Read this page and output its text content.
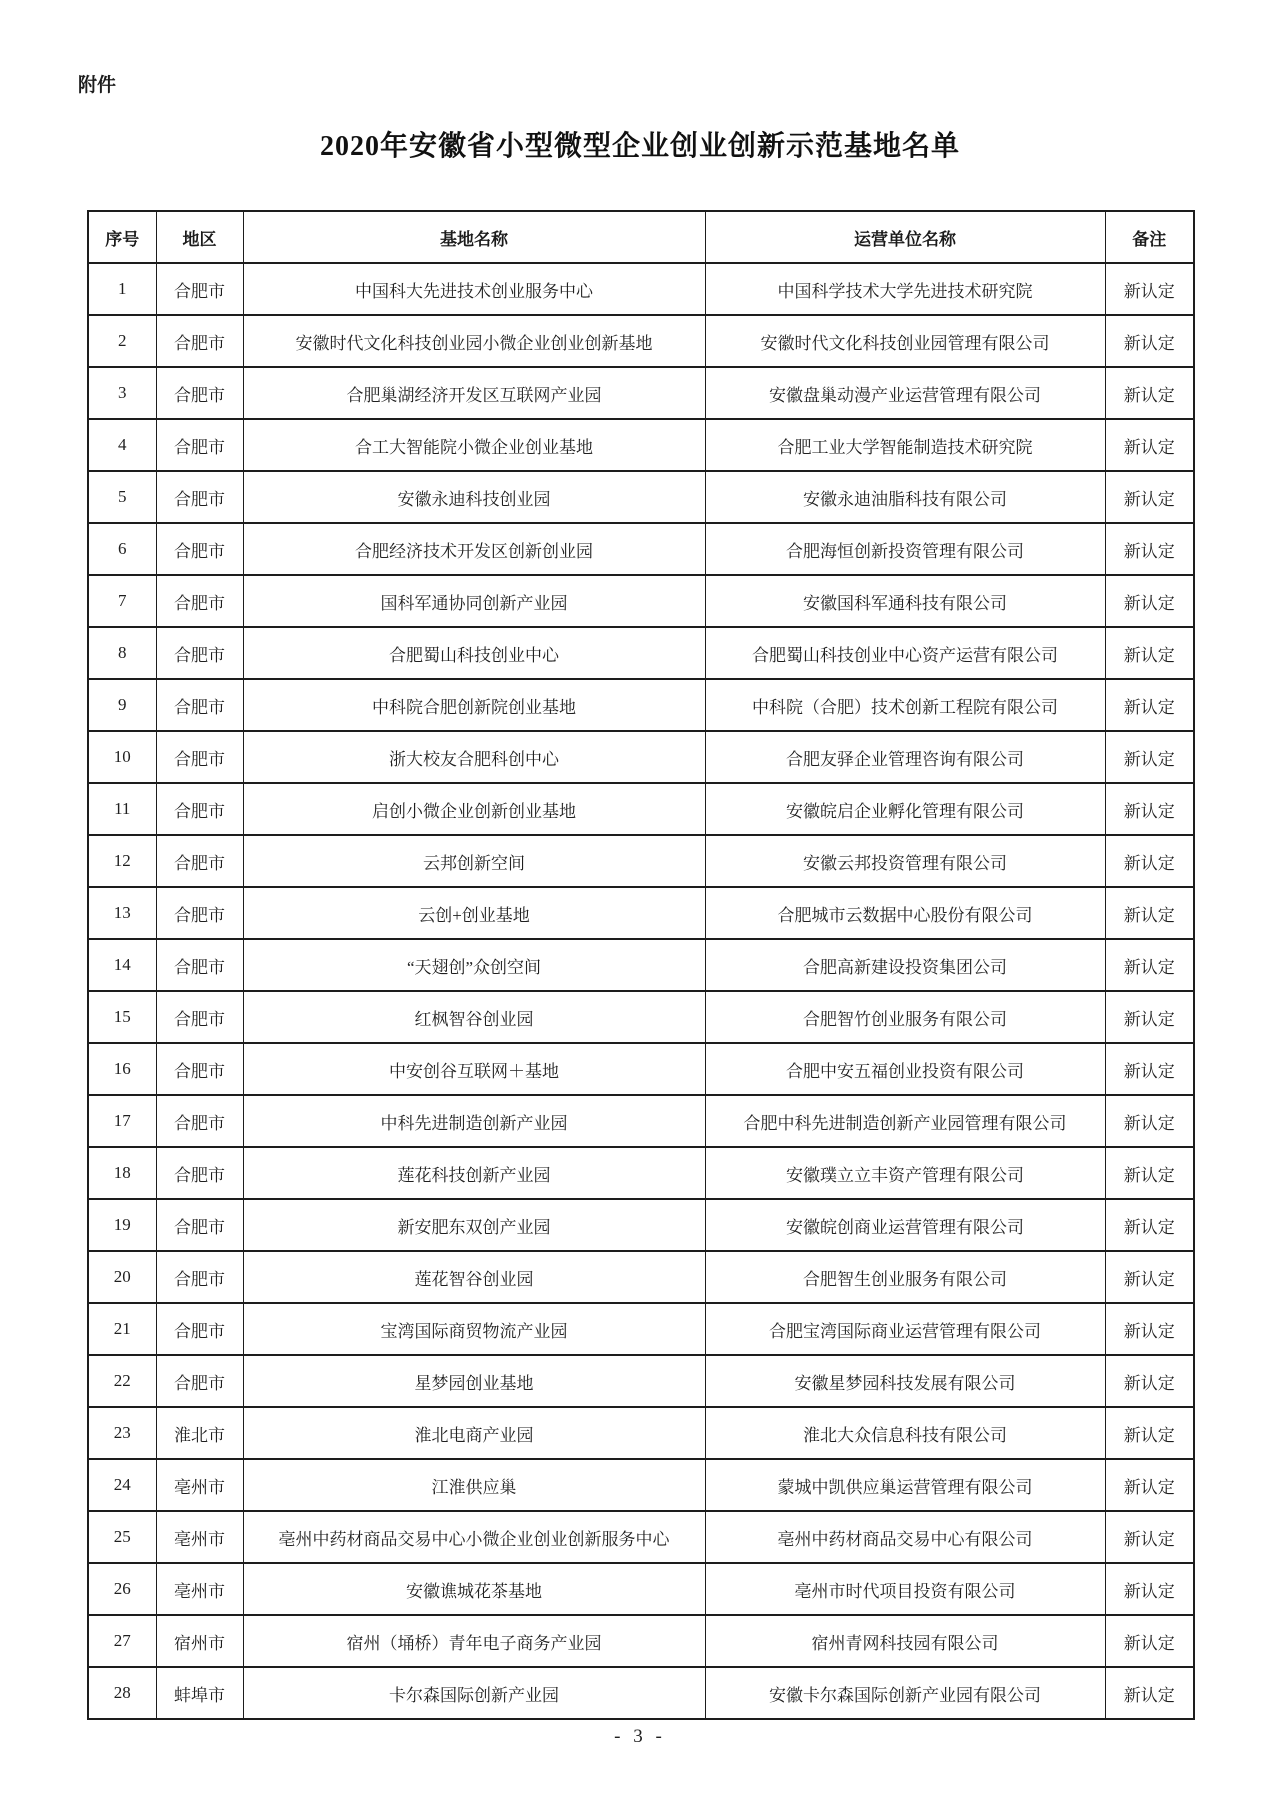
附件
2020年安徽省小型微型企业创业创新示范基地名单
序号	地区	基地名称	运营单位名称	备注
1	合肥市	中国科大先进技术创业服务中心	中国科学技术大学先进技术研究院	新认定
2	合肥市	安徽时代文化科技创业园小微企业创业创新基地	安徽时代文化科技创业园管理有限公司	新认定
3	合肥市	合肥巢湖经济开发区互联网产业园	安徽盘巢动漫产业运营管理有限公司	新认定
4	合肥市	合工大智能院小微企业创业基地	合肥工业大学智能制造技术研究院	新认定
5	合肥市	安徽永迪科技创业园	安徽永迪油脂科技有限公司	新认定
6	合肥市	合肥经济技术开发区创新创业园	合肥海恒创新投资管理有限公司	新认定
7	合肥市	国科军通协同创新产业园	安徽国科军通科技有限公司	新认定
8	合肥市	合肥蜀山科技创业中心	合肥蜀山科技创业中心资产运营有限公司	新认定
9	合肥市	中科院合肥创新院创业基地	中科院（合肥）技术创新工程院有限公司	新认定
10	合肥市	浙大校友合肥科创中心	合肥友驿企业管理咨询有限公司	新认定
11	合肥市	启创小微企业创新创业基地	安徽皖启企业孵化管理有限公司	新认定
12	合肥市	云邦创新空间	安徽云邦投资管理有限公司	新认定
13	合肥市	云创+创业基地	合肥城市云数据中心股份有限公司	新认定
14	合肥市	“天翅创”众创空间	合肥高新建设投资集团公司	新认定
15	合肥市	红枫智谷创业园	合肥智竹创业服务有限公司	新认定
16	合肥市	中安创谷互联网＋基地	合肥中安五福创业投资有限公司	新认定
17	合肥市	中科先进制造创新产业园	合肥中科先进制造创新产业园管理有限公司	新认定
18	合肥市	莲花科技创新产业园	安徽璞立立丰资产管理有限公司	新认定
19	合肥市	新安肥东双创产业园	安徽皖创商业运营管理有限公司	新认定
20	合肥市	莲花智谷创业园	合肥智生创业服务有限公司	新认定
21	合肥市	宝湾国际商贸物流产业园	合肥宝湾国际商业运营管理有限公司	新认定
22	合肥市	星梦园创业基地	安徽星梦园科技发展有限公司	新认定
23	淮北市	淮北电商产业园	淮北大众信息科技有限公司	新认定
24	亳州市	江淮供应巢	蒙城中凯供应巢运营管理有限公司	新认定
25	亳州市	亳州中药材商品交易中心小微企业创业创新服务中心	亳州中药材商品交易中心有限公司	新认定
26	亳州市	安徽谯城花茶基地	亳州市时代项目投资有限公司	新认定
27	宿州市	宿州（埇桥）青年电子商务产业园	宿州青网科技园有限公司	新认定
28	蚌埠市	卡尔森国际创新产业园	安徽卡尔森国际创新产业园有限公司	新认定
- 3 -
